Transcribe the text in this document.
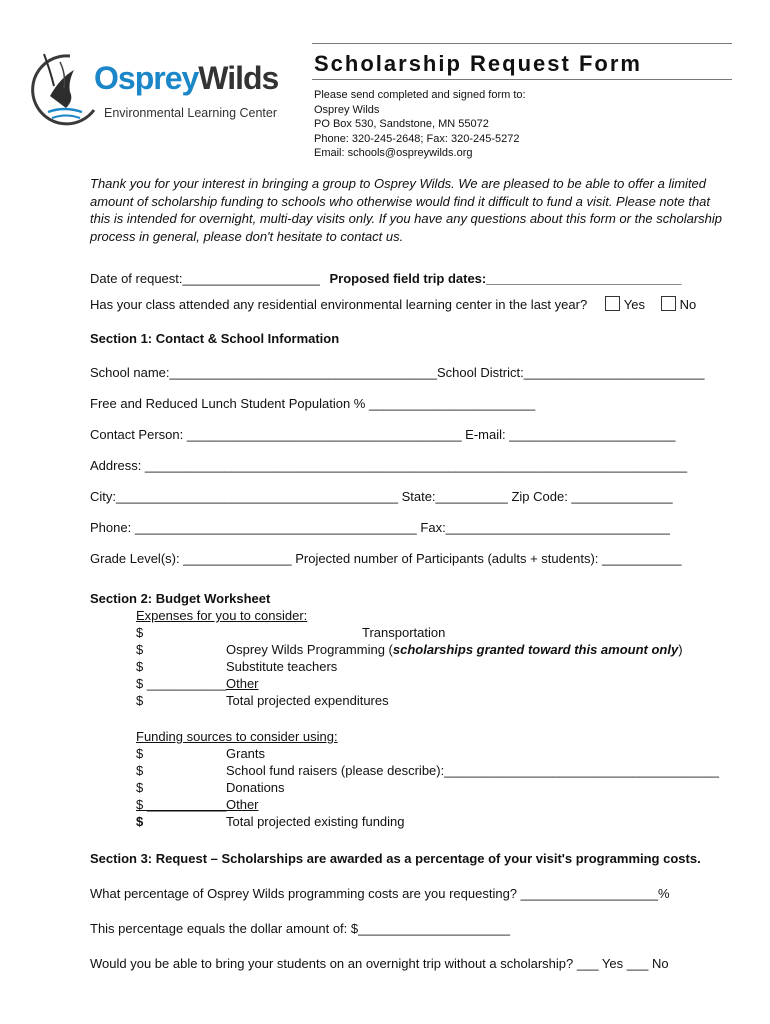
OspreyWilds
Environmental Learning Center
Scholarship Request Form
Please send completed and signed form to:
Osprey Wilds
PO Box 530, Sandstone, MN 55072
Phone: 320-245-2648; Fax: 320-245-5272
Email: schools@ospreywilds.org
Thank you for your interest in bringing a group to Osprey Wilds. We are pleased to be able to offer a limited amount of scholarship funding to schools who otherwise would find it difficult to fund a visit. Please note that this is intended for overnight, multi-day visits only. If you have any questions about this form or the scholarship process in general, please don't hesitate to contact us.
Date of request:___________________ Proposed field trip dates:___________________________
Has your class attended any residential environmental learning center in the last year?	Yes	No
Section 1: Contact & School Information
School name:_____________________________________School District:_________________________
Free and Reduced Lunch Student Population % _______________________
Contact Person: ______________________________________ E-mail: _______________________
Address: ___________________________________________________________________________
City:_______________________________________ State:__________ Zip Code: ______________
Phone: _______________________________________ Fax:_______________________________
Grade Level(s): _______________ Projected number of Participants (adults + students): ___________
Section 2: Budget Worksheet
Expenses for you to consider:
$	Transportation
$	Osprey Wilds Programming (scholarships granted toward this amount only)
$	Substitute teachers
$ ___________ Other
$	Total projected expenditures
Funding sources to consider using:
$	Grants
$	School fund raisers (please describe):______________________________________
$	Donations
$ ___________ Other
$	Total projected existing funding
Section 3: Request – Scholarships are awarded as a percentage of your visit's programming costs.
What percentage of Osprey Wilds programming costs are you requesting? ___________________%
This percentage equals the dollar amount of: $_____________________
Would you be able to bring your students on an overnight trip without a scholarship? ___ Yes ___ No
